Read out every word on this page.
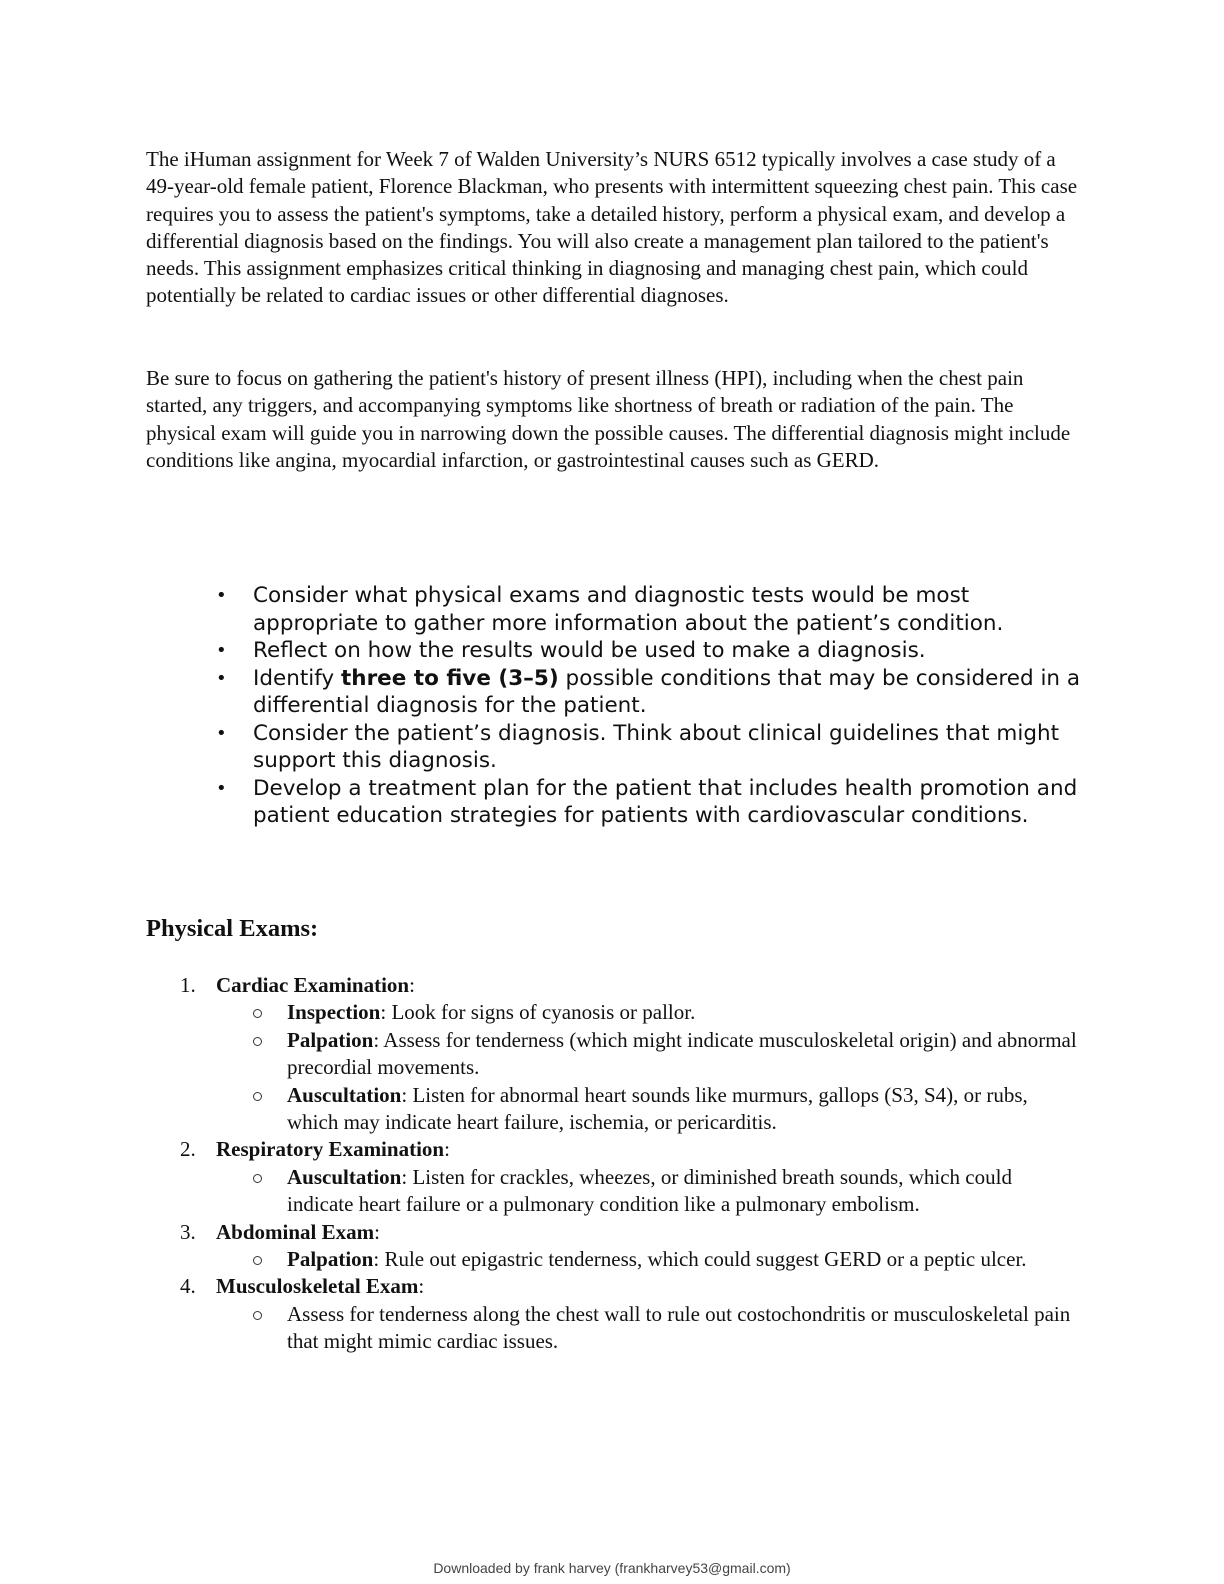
The iHuman assignment for Week 7 of Walden University’s NURS 6512 typically involves a case study of a 49-year-old female patient, Florence Blackman, who presents with intermittent squeezing chest pain. This case requires you to assess the patient's symptoms, take a detailed history, perform a physical exam, and develop a differential diagnosis based on the findings. You will also create a management plan tailored to the patient's needs. This assignment emphasizes critical thinking in diagnosing and managing chest pain, which could potentially be related to cardiac issues or other differential diagnoses.

Be sure to focus on gathering the patient's history of present illness (HPI), including when the chest pain started, any triggers, and accompanying symptoms like shortness of breath or radiation of the pain. The physical exam will guide you in narrowing down the possible causes. The differential diagnosis might include conditions like angina, myocardial infarction, or gastrointestinal causes such as GERD.

• Consider what physical exams and diagnostic tests would be most appropriate to gather more information about the patient’s condition.
• Reflect on how the results would be used to make a diagnosis.
• Identify three to five (3–5) possible conditions that may be considered in a differential diagnosis for the patient.
• Consider the patient’s diagnosis. Think about clinical guidelines that might support this diagnosis.
• Develop a treatment plan for the patient that includes health promotion and patient education strategies for patients with cardiovascular conditions.
Physical Exams:
1. Cardiac Examination:
Inspection: Look for signs of cyanosis or pallor.
Palpation: Assess for tenderness (which might indicate musculoskeletal origin) and abnormal precordial movements.
Auscultation: Listen for abnormal heart sounds like murmurs, gallops (S3, S4), or rubs, which may indicate heart failure, ischemia, or pericarditis.
2. Respiratory Examination:
Auscultation: Listen for crackles, wheezes, or diminished breath sounds, which could indicate heart failure or a pulmonary condition like a pulmonary embolism.
3. Abdominal Exam:
Palpation: Rule out epigastric tenderness, which could suggest GERD or a peptic ulcer.
4. Musculoskeletal Exam:
Assess for tenderness along the chest wall to rule out costochondritis or musculoskeletal pain that might mimic cardiac issues.
Downloaded by frank harvey (frankharvey53@gmail.com)
